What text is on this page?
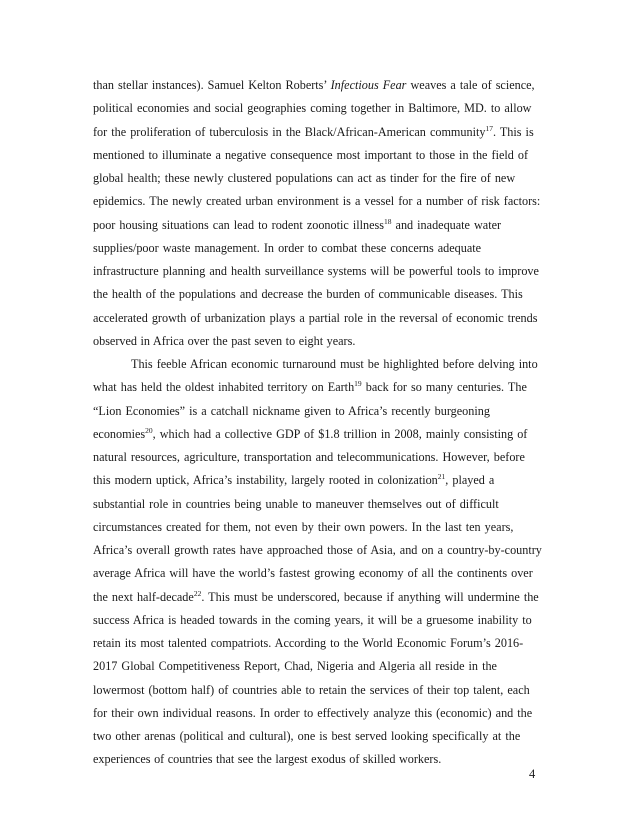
than stellar instances). Samuel Kelton Roberts’ Infectious Fear weaves a tale of science,
political economies and social geographies coming together in Baltimore, MD. to allow
for the proliferation of tuberculosis in the Black/African-American community$^{17}$. This is
mentioned to illuminate a negative consequence most important to those in the field of
global health; these newly clustered populations can act as tinder for the fire of new
epidemics. The newly created urban environment is a vessel for a number of risk factors:
poor housing situations can lead to rodent zoonotic illness$^{18}$ and inadequate water
supplies/poor waste management. In order to combat these concerns adequate
infrastructure planning and health surveillance systems will be powerful tools to improve
the health of the populations and decrease the burden of communicable diseases. This
accelerated growth of urbanization plays a partial role in the reversal of economic trends
observed in Africa over the past seven to eight years.
This feeble African economic turnaround must be highlighted before delving into
what has held the oldest inhabited territory on Earth$^{19}$ back for so many centuries. The
“Lion Economies” is a catchall nickname given to Africa’s recently burgeoning
economies$^{20}$, which had a collective GDP of $1.8 trillion in 2008, mainly consisting of
natural resources, agriculture, transportation and telecommunications. However, before
this modern uptick, Africa’s instability, largely rooted in colonization$^{21}$, played a
substantial role in countries being unable to maneuver themselves out of difficult
circumstances created for them, not even by their own powers. In the last ten years,
Africa’s overall growth rates have approached those of Asia, and on a country-by-country
average Africa will have the world’s fastest growing economy of all the continents over
the next half-decade$^{22}$. This must be underscored, because if anything will undermine the
success Africa is headed towards in the coming years, it will be a gruesome inability to
retain its most talented compatriots. According to the World Economic Forum’s 2016-
2017 Global Competitiveness Report, Chad, Nigeria and Algeria all reside in the
lowermost (bottom half) of countries able to retain the services of their top talent, each
for their own individual reasons. In order to effectively analyze this (economic) and the
two other arenas (political and cultural), one is best served looking specifically at the
experiences of countries that see the largest exodus of skilled workers.
4
